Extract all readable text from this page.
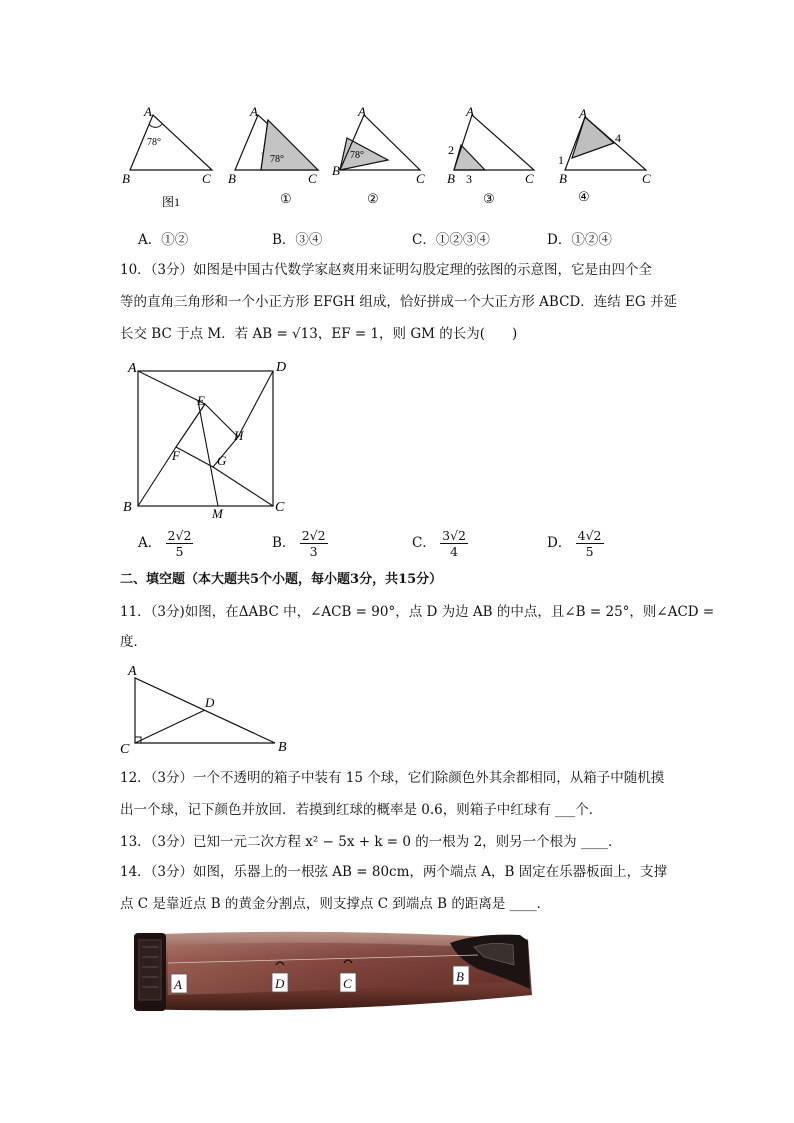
A
78°
B	C
78°
A
B	C
78°
A
B
C
A
2
B 3	C
A
4
1
B	C
图1	①	②	③	④
A．①②	B．③④	C．①②③④	D．①②④
10．（3分）如图是中国古代数学家赵爽用来证明勾股定理的弦图的示意图，它是由四个全
等的直角三角形和一个小正方形 EFGH 组成，恰好拼成一个大正方形 ABCD．连结 EG 并延
长交 BC 于点 M．若 AB = √13，EF = 1，则 GM 的长为(　　)
A	D
E
H
F	G
B	C
M
A． $\frac{2√2}{5}$	B． $\frac{2√2}{3}$	C． $\frac{3√2}{4}$	D． $\frac{4√2}{5}$
二、填空题（本大题共5个小题，每小题3分，共15分）
11．（3分)如图，在ΔABC 中，∠ACB = 90°，点 D 为边 AB 的中点，且∠B = 25°，则∠ACD =
度．
A
D
C	B
12．（3分）一个不透明的箱子中装有 15 个球，它们除颜色外其余都相同，从箱子中随机摸
出一个球，记下颜色并放回．若摸到红球的概率是 0.6，则箱子中红球有 ___个．
13．（3分）已知一元二次方程 x² − 5x + k = 0 的一根为 2，则另一个根为 ____．
14．（3分）如图，乐器上的一根弦 AB = 80cm，两个端点 A，B 固定在乐器板面上，支撑
点 C 是靠近点 B 的黄金分割点，则支撑点 C 到端点 B 的距离是 ____．
A	D	C	B
